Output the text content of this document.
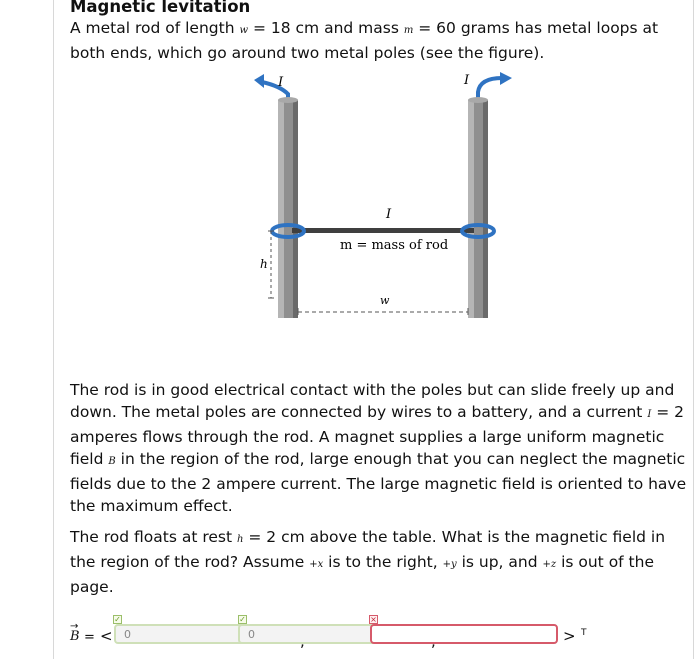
Magnetic levitation
A metal rod of length w = 18 cm and mass m = 60 grams has metal loops at both ends, which go around two metal poles (see the figure).
I	I
I
m = mass of rod
h
w
The rod is in good electrical contact with the poles but can slide freely up and down. The metal poles are connected by wires to a battery, and a current I = 2 amperes flows through the rod. A magnet supplies a large uniform magnetic field B in the region of the rod, large enough that you can neglect the magnetic fields due to the 2 ampere current. The large magnetic field is oriented to have the maximum effect.
The rod floats at rest h = 2 cm above the table. What is the magnetic field in the region of the rod? Assume +x is to the right, +y is up, and +z is out of the page.
→
B = <
✓
0
✓
0
×
> T
